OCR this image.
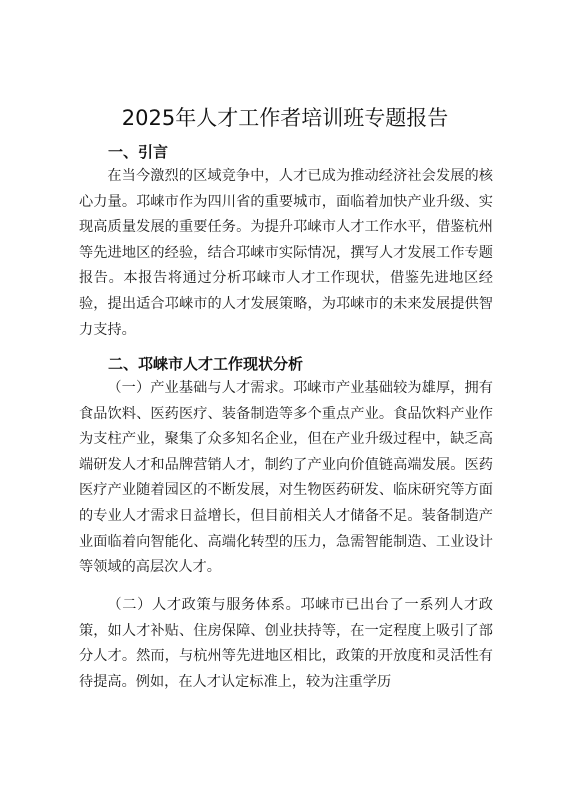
2025年人才工作者培训班专题报告
一、引言

在当今激烈的区域竞争中，人才已成为推动经济社会发展的核心力量。邛崃市作为四川省的重要城市，面临着加快产业升级、实现高质量发展的重要任务。为提升邛崃市人才工作水平，借鉴杭州等先进地区的经验，结合邛崃市实际情况，撰写人才发展工作专题报告。本报告将通过分析邛崃市人才工作现状，借鉴先进地区经验，提出适合邛崃市的人才发展策略，为邛崃市的未来发展提供智力支持。

二、邛崃市人才工作现状分析

（一）产业基础与人才需求。邛崃市产业基础较为雄厚，拥有食品饮料、医药医疗、装备制造等多个重点产业。食品饮料产业作为支柱产业，聚集了众多知名企业，但在产业升级过程中，缺乏高端研发人才和品牌营销人才，制约了产业向价值链高端发展。医药医疗产业随着园区的不断发展，对生物医药研发、临床研究等方面的专业人才需求日益增长，但目前相关人才储备不足。装备制造产业面临着向智能化、高端化转型的压力，急需智能制造、工业设计等领域的高层次人才。

（二）人才政策与服务体系。邛崃市已出台了一系列人才政策，如人才补贴、住房保障、创业扶持等，在一定程度上吸引了部分人才。然而，与杭州等先进地区相比，政策的开放度和灵活性有待提高。例如，在人才认定标准上，较为注重学历
